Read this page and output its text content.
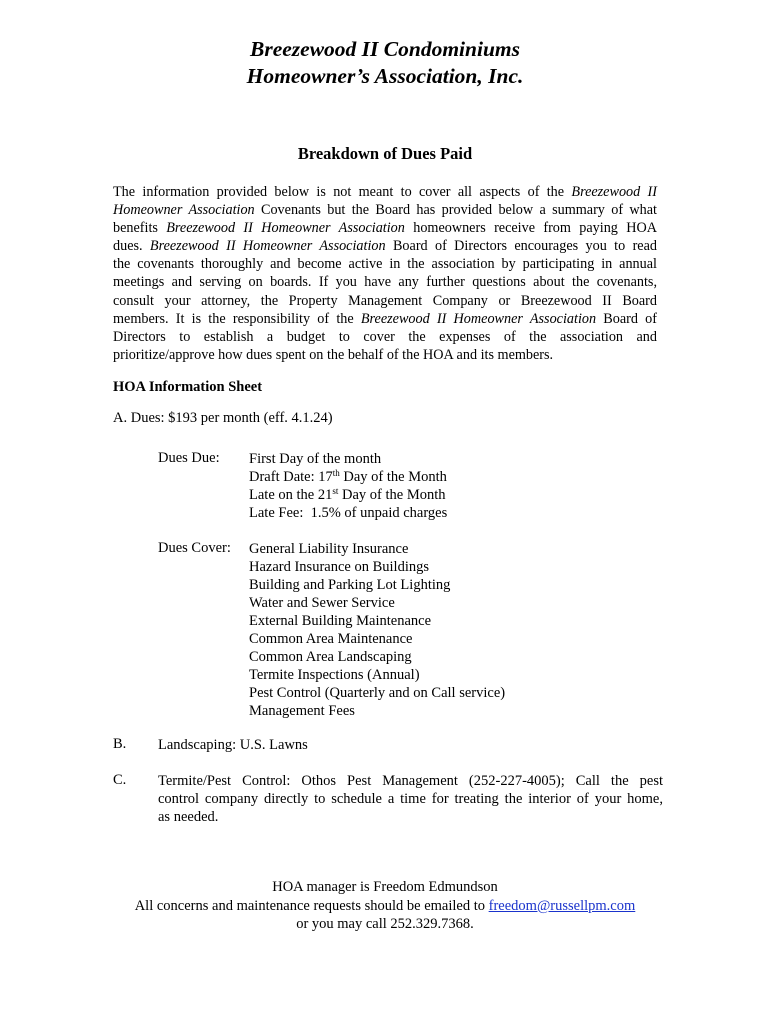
Breezewood II Condominiums
Homeowner’s Association, Inc.
Breakdown of Dues Paid
The information provided below is not meant to cover all aspects of the Breezewood II
Homeowner Association Covenants but the Board has provided below a summary of what
benefits Breezewood II Homeowner Association homeowners receive from paying HOA
dues. Breezewood II Homeowner Association Board of Directors encourages you to read
the covenants thoroughly and become active in the association by participating in annual
meetings and serving on boards. If you have any further questions about the covenants,
consult your attorney, the Property Management Company or Breezewood II Board
members. It is the responsibility of the Breezewood II Homeowner Association Board of
Directors to establish a budget to cover the expenses of the association and
prioritize/approve how dues spent on the behalf of the HOA and its members.
HOA Information Sheet
A. Dues: $193 per month (eff. 4.1.24)
Dues Due: First Day of the month
Draft Date: 17th Day of the Month
Late on the 21st Day of the Month
Late Fee:  1.5% of unpaid charges
Dues Cover: General Liability Insurance
Hazard Insurance on Buildings
Building and Parking Lot Lighting
Water and Sewer Service
External Building Maintenance
Common Area Maintenance
Common Area Landscaping
Termite Inspections (Annual)
Pest Control (Quarterly and on Call service)
Management Fees
B. Landscaping: U.S. Lawns
C. Termite/Pest Control: Othos Pest Management (252-227-4005); Call the pest
control company directly to schedule a time for treating the interior of your home,
as needed.
HOA manager is Freedom Edmundson
All concerns and maintenance requests should be emailed to freedom@russellpm.com
or you may call 252.329.7368.
